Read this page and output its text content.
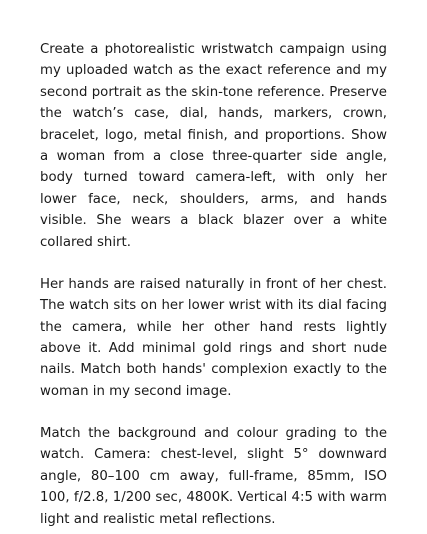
Create a photorealistic wristwatch campaign using my uploaded watch as the exact reference and my second portrait as the skin-tone reference. Preserve the watch’s case, dial, hands, markers, crown, bracelet, logo, metal finish, and proportions. Show a woman from a close three-quarter side angle, body turned toward camera-left, with only her lower face, neck, shoulders, arms, and hands visible. She wears a black blazer over a white collared shirt.

Her hands are raised naturally in front of her chest. The watch sits on her lower wrist with its dial facing the camera, while her other hand rests lightly above it. Add minimal gold rings and short nude nails. Match both hands' complexion exactly to the woman in my second image.

Match the background and colour grading to the watch. Camera: chest-level, slight 5° downward angle, 80–100 cm away, full-frame, 85mm, ISO 100, f/2.8, 1/200 sec, 4800K. Vertical 4:5 with warm light and realistic metal reflections.
